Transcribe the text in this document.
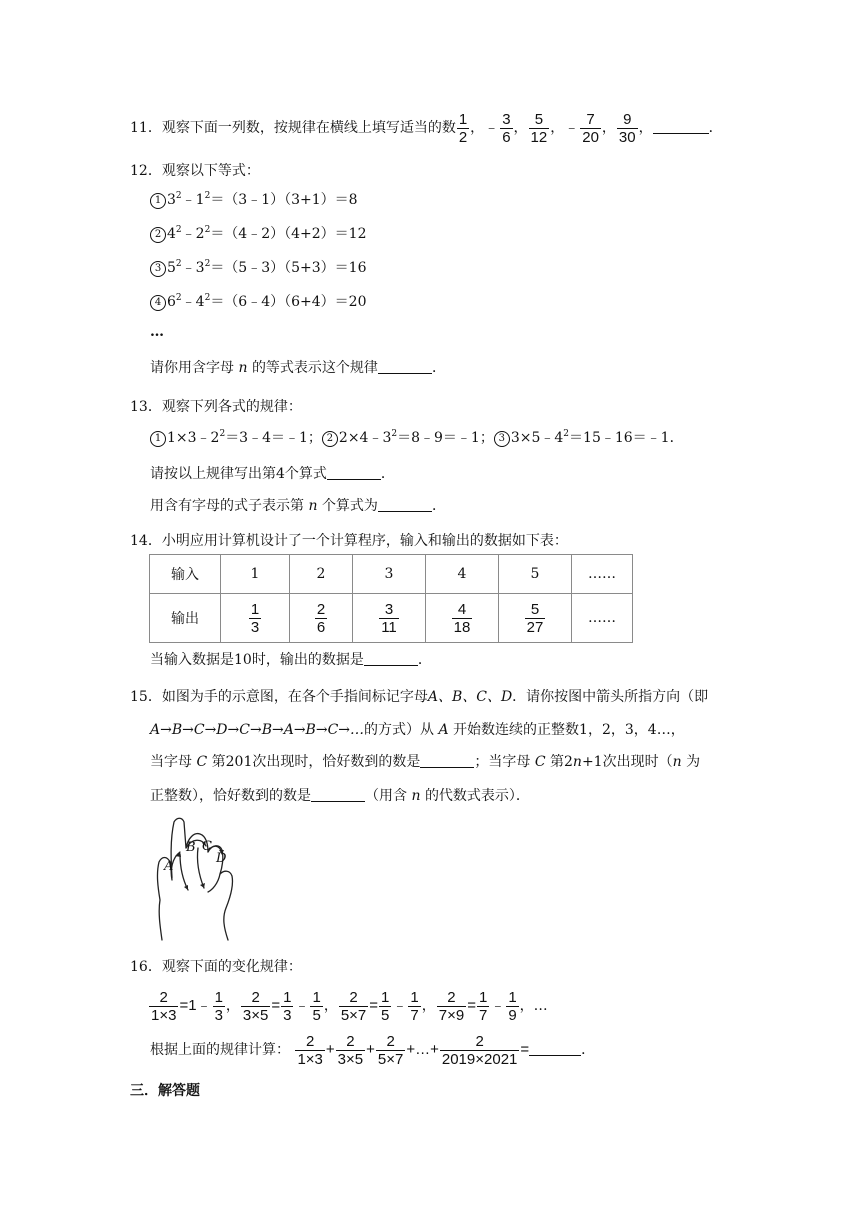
11．观察下面一列数，按规律在横线上填写适当的数 $\frac{1}{2}$ ，﹣ $\frac{3}{6}$ ， $\frac{5}{12}$ ，﹣ $\frac{7}{20}$ ， $\frac{9}{30}$ ，	．
12．观察以下等式：
1 $3^2﹣1^2=(3﹣1)(3+1)=8$
2 $4^2﹣2^2=(4﹣2)(4+2)=12$
3 $5^2﹣3^2=(5﹣3)(5+3)=16$
4 $6^2﹣4^2=(6﹣4)(6+4)=20$
…
请你用含字母 n 的等式表示这个规律	．
13．观察下列各式的规律：
1 $1\times 3﹣2^2=3﹣4=﹣1$； 2 $2\times 4﹣3^2=8﹣9=﹣1$； 3 $3\times 5﹣4^2=15﹣16=﹣1$．
请按以上规律写出第4个算式	．
用含有字母的式子表示第 n 个算式为	．
14．小明应用计算机设计了一个计算程序，输入和输出的数据如下表：
输入	1	2	3	4	5	……
输出	$\frac{1}{3}$	$\frac{2}{6}$	$\frac{3}{11}$	$\frac{4}{18}$	$\frac{5}{27}$	……
当输入数据是10时，输出的数据是	．
15．如图为手的示意图，在各个手指间标记字母A、B、C、D．请你按图中箭头所指方向（即
A→B→C→D→C→B→A→B→C→…的方式）从 A 开始数连续的正整数1，2，3，4…，
当字母 C 第201次出现时，恰好数到的数是	；当字母 C 第2n+1次出现时（n 为
正整数），恰好数到的数是	（用含 n 的代数式表示）．
A
B C
D
16．观察下面的变化规律：
$\frac{2}{1\times 3}$ =1﹣ $\frac{1}{3}$ ， $\frac{2}{3\times 5} = \frac{1}{3}$ ﹣ $\frac{1}{5}$ ， $\frac{2}{5\times 7} = \frac{1}{5}$ ﹣ $\frac{1}{7}$ ， $\frac{2}{7\times 9} = \frac{1}{7}$ ﹣ $\frac{1}{9}$ ，…
根据上面的规律计算： $\frac{2}{1\times 3} + \frac{2}{3\times 5} + \frac{2}{5\times 7}$ +…+ $\frac{2}{2019\times 2021}$ =	．
三．解答题
